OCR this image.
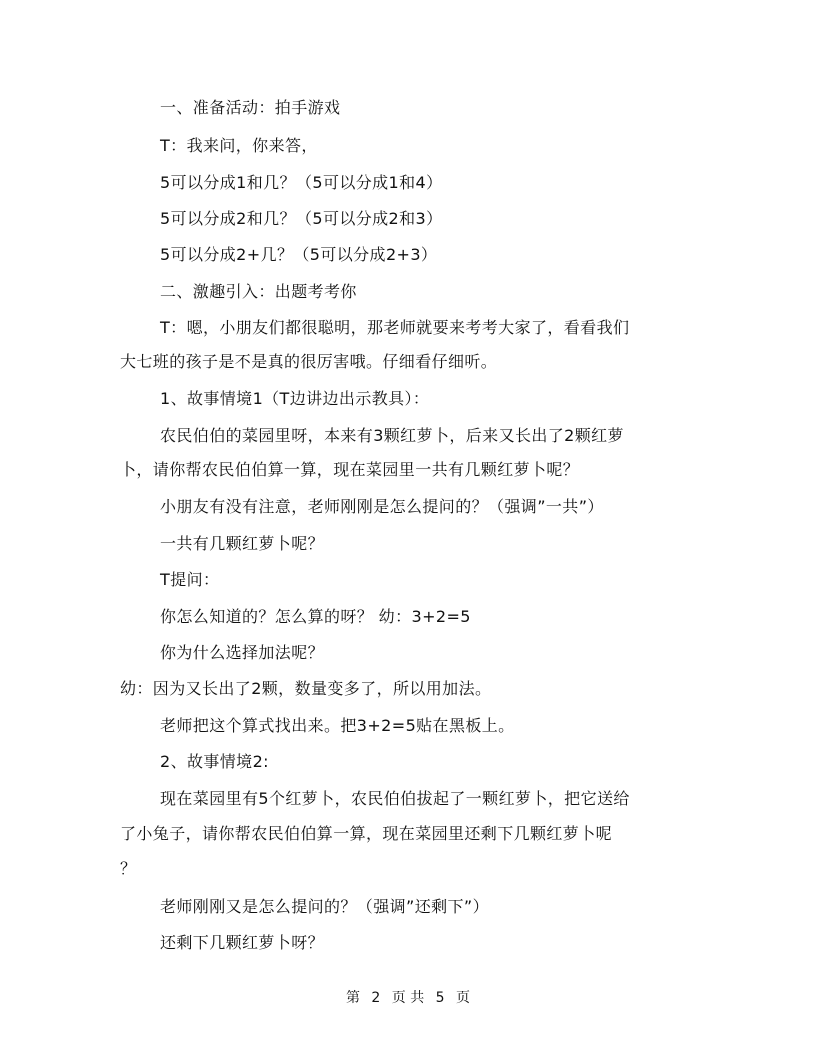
一、准备活动：拍手游戏
T：我来问，你来答，
5可以分成1和几？（5可以分成1和4）
5可以分成2和几？（5可以分成2和3）
5可以分成2+几？（5可以分成2+3）
二、激趣引入：出题考考你
T：嗯，小朋友们都很聪明，那老师就要来考考大家了，看看我们
大七班的孩子是不是真的很厉害哦。仔细看仔细听。
1、故事情境1（T边讲边出示教具）：
农民伯伯的菜园里呀，本来有3颗红萝卜，后来又长出了2颗红萝
卜，请你帮农民伯伯算一算，现在菜园里一共有几颗红萝卜呢？
小朋友有没有注意，老师刚刚是怎么提问的？（强调”一共”）
一共有几颗红萝卜呢？
T提问：
你怎么知道的？怎么算的呀？ 幼：3+2=5
你为什么选择加法呢？
幼：因为又长出了2颗，数量变多了，所以用加法。
老师把这个算式找出来。把3+2=5贴在黑板上。
2、故事情境2:
现在菜园里有5个红萝卜，农民伯伯拔起了一颗红萝卜，把它送给
了小兔子，请你帮农民伯伯算一算，现在菜园里还剩下几颗红萝卜呢
？
老师刚刚又是怎么提问的？（强调”还剩下”）
还剩下几颗红萝卜呀？
第 2 页 共 5 页
